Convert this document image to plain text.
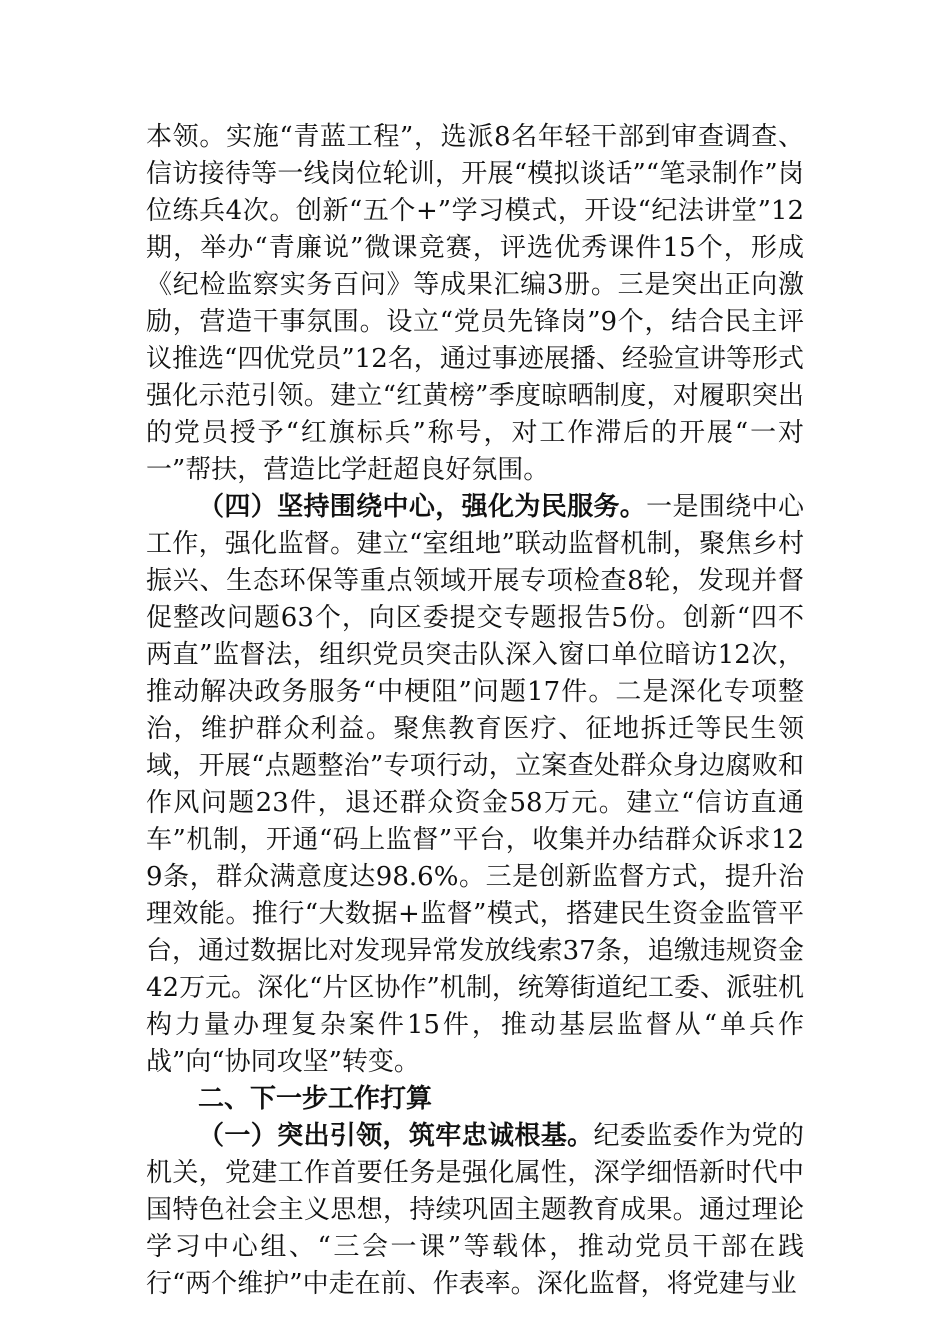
本领。实施“青蓝工程”，选派8名年轻干部到审查调查、信访接待等一线岗位轮训，开展“模拟谈话”“笔录制作”岗位练兵4次。创新“五个+”学习模式，开设“纪法讲堂”12期，举办“青廉说”微课竞赛，评选优秀课件15个，形成《纪检监察实务百问》等成果汇编3册。三是突出正向激励，营造干事氛围。设立“党员先锋岗”9个，结合民主评议推选“四优党员”12名，通过事迹展播、经验宣讲等形式强化示范引领。建立“红黄榜”季度晾晒制度，对履职突出的党员授予“红旗标兵”称号，对工作滞后的开展“一对一”帮扶，营造比学赶超良好氛围。

（四）坚持围绕中心，强化为民服务。一是围绕中心工作，强化监督。建立“室组地”联动监督机制，聚焦乡村振兴、生态环保等重点领域开展专项检查8轮，发现并督促整改问题63个，向区委提交专题报告5份。创新“四不两直”监督法，组织党员突击队深入窗口单位暗访12次，推动解决政务服务“中梗阻”问题17件。二是深化专项整治，维护群众利益。聚焦教育医疗、征地拆迁等民生领域，开展“点题整治”专项行动，立案查处群众身边腐败和作风问题23件，退还群众资金58万元。建立“信访直通车”机制，开通“码上监督”平台，收集并办结群众诉求129条，群众满意度达98.6%。三是创新监督方式，提升治理效能。推行“大数据+监督”模式，搭建民生资金监管平台，通过数据比对发现异常发放线索37条，追缴违规资金42万元。深化“片区协作”机制，统筹街道纪工委、派驻机构力量办理复杂案件15件，推动基层监督从“单兵作战”向“协同攻坚”转变。

二、下一步工作打算

（一）突出引领，筑牢忠诚根基。纪委监委作为党的机关，党建工作首要任务是强化属性，深学细悟新时代中国特色社会主义思想，持续巩固主题教育成果。通过理论学习中心组、“三会一课”等载体，推动党员干部在践行“两个维护”中走在前、作表率。深化监督，将党建与业
